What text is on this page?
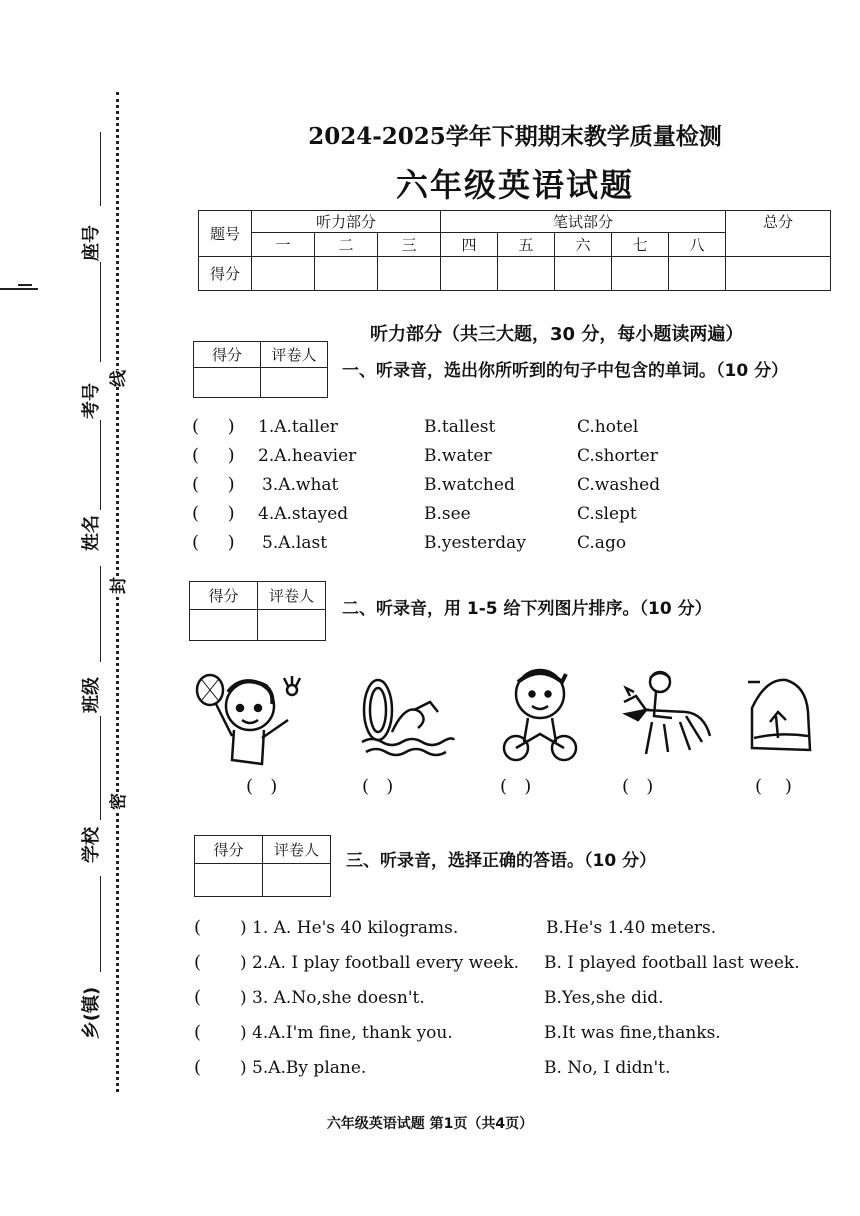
座号
考号
姓名
班级
学校
乡(镇)
线
封
密
2024-2025学年下期期末教学质量检测
六年级英语试题
题号	听力部分			笔试部分					总分
	一	二	三	四	五	六	七	八	
得分									
听力部分（共三大题，30 分，每小题读两遍）
得分	评卷人

一、听录音，选出你所听到的句子中包含的单词。（10 分）
(     ) 1.A.taller	B.tallest	C.hotel
(     ) 2.A.heavier	B.water	C.shorter
(     ) 3.A.what	B.watched	C.washed
(     ) 4.A.stayed	B.see	C.slept
(     ) 5.A.last	B.yesterday	C.ago
得分	评卷人

二、听录音，用 1-5 给下列图片排序。（10 分）
(   )	(   )	(   )	(   )	(    )
得分	评卷人

三、听录音，选择正确的答语。（10 分）
( ) 1. A. He's 40 kilograms.	B.He's 1.40 meters.
( ) 2.A. I play football every week. B. I played football last week.
( ) 3. A.No,she doesn't.	B.Yes,she did.
( ) 4.A.I'm fine, thank you.	B.It was fine,thanks.
( ) 5.A.By plane.	B. No, I didn't.
六年级英语试题 第1页（共4页）
